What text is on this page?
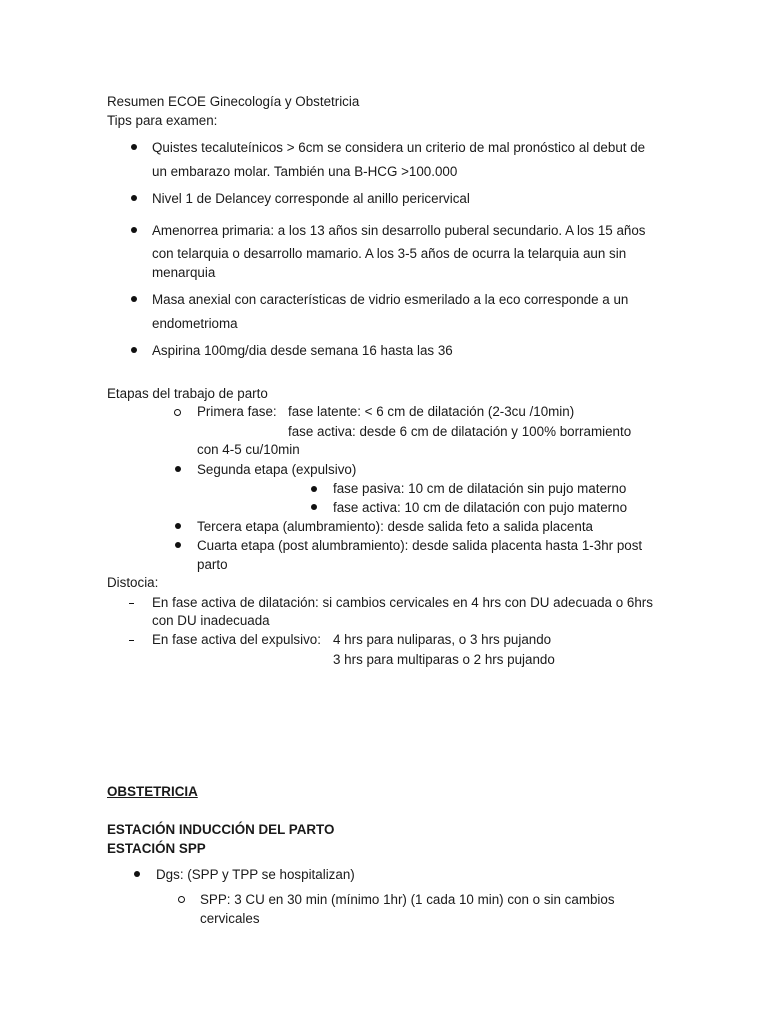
Resumen ECOE Ginecología y Obstetricia
Tips para examen:
Quistes tecaluteínicos > 6cm se considera un criterio de mal pronóstico al debut de
un embarazo molar. También una B-HCG >100.000
Nivel 1 de Delancey corresponde al anillo pericervical
Amenorrea primaria: a los 13 años sin desarrollo puberal secundario. A los 15 años
con telarquia o desarrollo mamario. A los 3-5 años de ocurra la telarquia aun sin
menarquia
Masa anexial con características de vidrio esmerilado a la eco corresponde a un
endometrioma
Aspirina 100mg/dia desde semana 16 hasta las 36
Etapas del trabajo de parto
Primera fase: fase latente: < 6 cm de dilatación (2-3cu /10min)
fase activa: desde 6 cm de dilatación y 100% borramiento
con 4-5 cu/10min
Segunda etapa (expulsivo)
fase pasiva: 10 cm de dilatación sin pujo materno
fase activa: 10 cm de dilatación con pujo materno
Tercera etapa (alumbramiento): desde salida feto a salida placenta
Cuarta etapa (post alumbramiento): desde salida placenta hasta 1-3hr post
parto
Distocia:
En fase activa de dilatación: si cambios cervicales en 4 hrs con DU adecuada o 6hrs
con DU inadecuada
En fase activa del expulsivo: 4 hrs para nuliparas, o 3 hrs pujando
3 hrs para multiparas o 2 hrs pujando
OBSTETRICIA
ESTACIÓN INDUCCIÓN DEL PARTO
ESTACIÓN SPP
Dgs: (SPP y TPP se hospitalizan)
SPP: 3 CU en 30 min (mínimo 1hr) (1 cada 10 min) con o sin cambios
cervicales
